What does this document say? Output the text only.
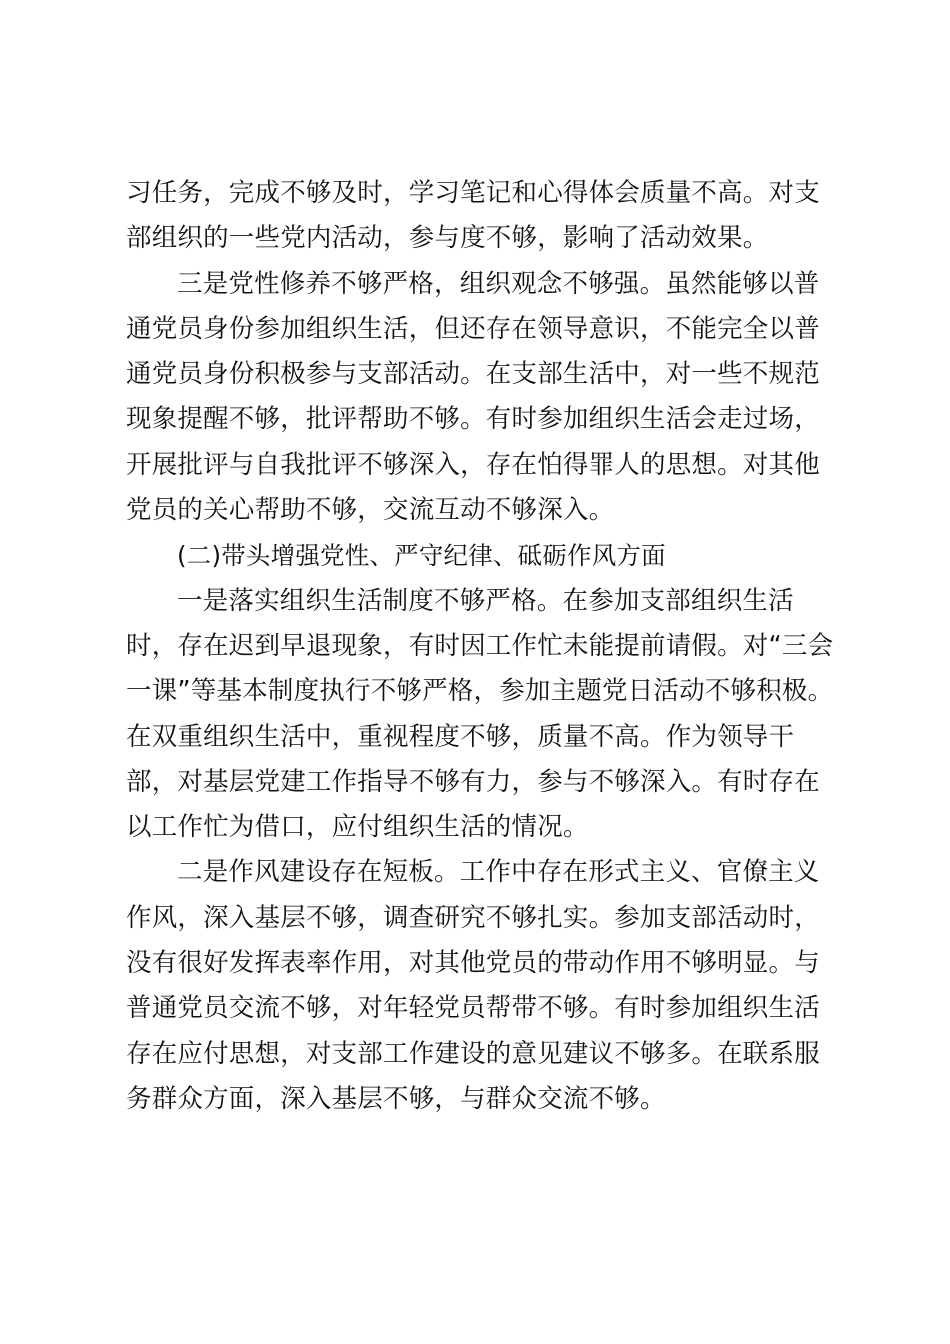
习任务，完成不够及时，学习笔记和心得体会质量不高。对支
部组织的一些党内活动，参与度不够，影响了活动效果。
三是党性修养不够严格，组织观念不够强。虽然能够以普
通党员身份参加组织生活，但还存在领导意识，不能完全以普
通党员身份积极参与支部活动。在支部生活中，对一些不规范
现象提醒不够，批评帮助不够。有时参加组织生活会走过场，
开展批评与自我批评不够深入，存在怕得罪人的思想。对其他
党员的关心帮助不够，交流互动不够深入。
(二)带头增强党性、严守纪律、砥砺作风方面
一是落实组织生活制度不够严格。在参加支部组织生活
时，存在迟到早退现象，有时因工作忙未能提前请假。对“三会
一课”等基本制度执行不够严格，参加主题党日活动不够积极。
在双重组织生活中，重视程度不够，质量不高。作为领导干
部，对基层党建工作指导不够有力，参与不够深入。有时存在
以工作忙为借口，应付组织生活的情况。
二是作风建设存在短板。工作中存在形式主义、官僚主义
作风，深入基层不够，调查研究不够扎实。参加支部活动时，
没有很好发挥表率作用，对其他党员的带动作用不够明显。与
普通党员交流不够，对年轻党员帮带不够。有时参加组织生活
存在应付思想，对支部工作建设的意见建议不够多。在联系服
务群众方面，深入基层不够，与群众交流不够。
